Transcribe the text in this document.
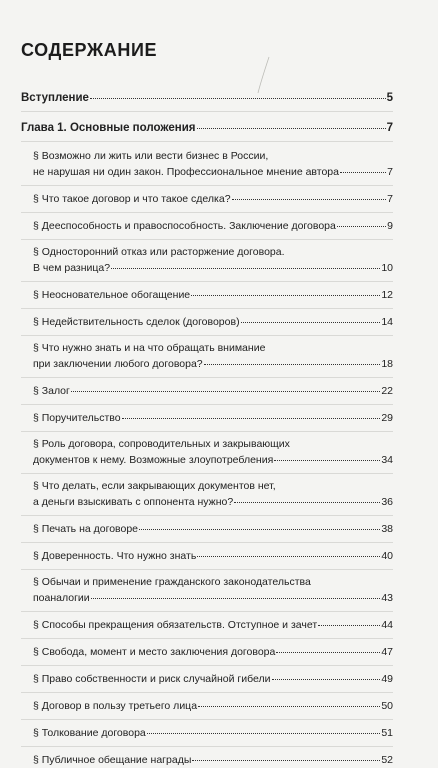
СОДЕРЖАНИЕ
Вступление	5
Глава 1. Основные положения	7
§ Возможно ли жить или вести бизнес в России,
не нарушая ни один закон. Профессиональное мнение автора	7
§ Что такое договор и что такое сделка?	7
§ Дееспособность и правоспособность. Заключение договора	9
§ Односторонний отказ или расторжение договора.
В чем разница?	10
§ Неосновательное обогащение	12
§ Недействительность сделок (договоров)	14
§ Что нужно знать и на что обращать внимание
при заключении любого договора?	18
§ Залог	22
§ Поручительство	29
§ Роль договора, сопроводительных и закрывающих
документов к нему. Возможные злоупотребления	34
§ Что делать, если закрывающих документов нет,
а деньги взыскивать с оппонента нужно?	36
§ Печать на договоре	38
§ Доверенность. Что нужно знать	40
§ Обычаи и применение гражданского законодательства
поаналогии	43
§ Способы прекращения обязательств. Отступное и зачет	44
§ Свобода, момент и место заключения договора	47
§ Право собственности и риск случайной гибели	49
§ Договор в пользу третьего лица	50
§ Толкование договора	51
§ Публичное обещание награды	52
